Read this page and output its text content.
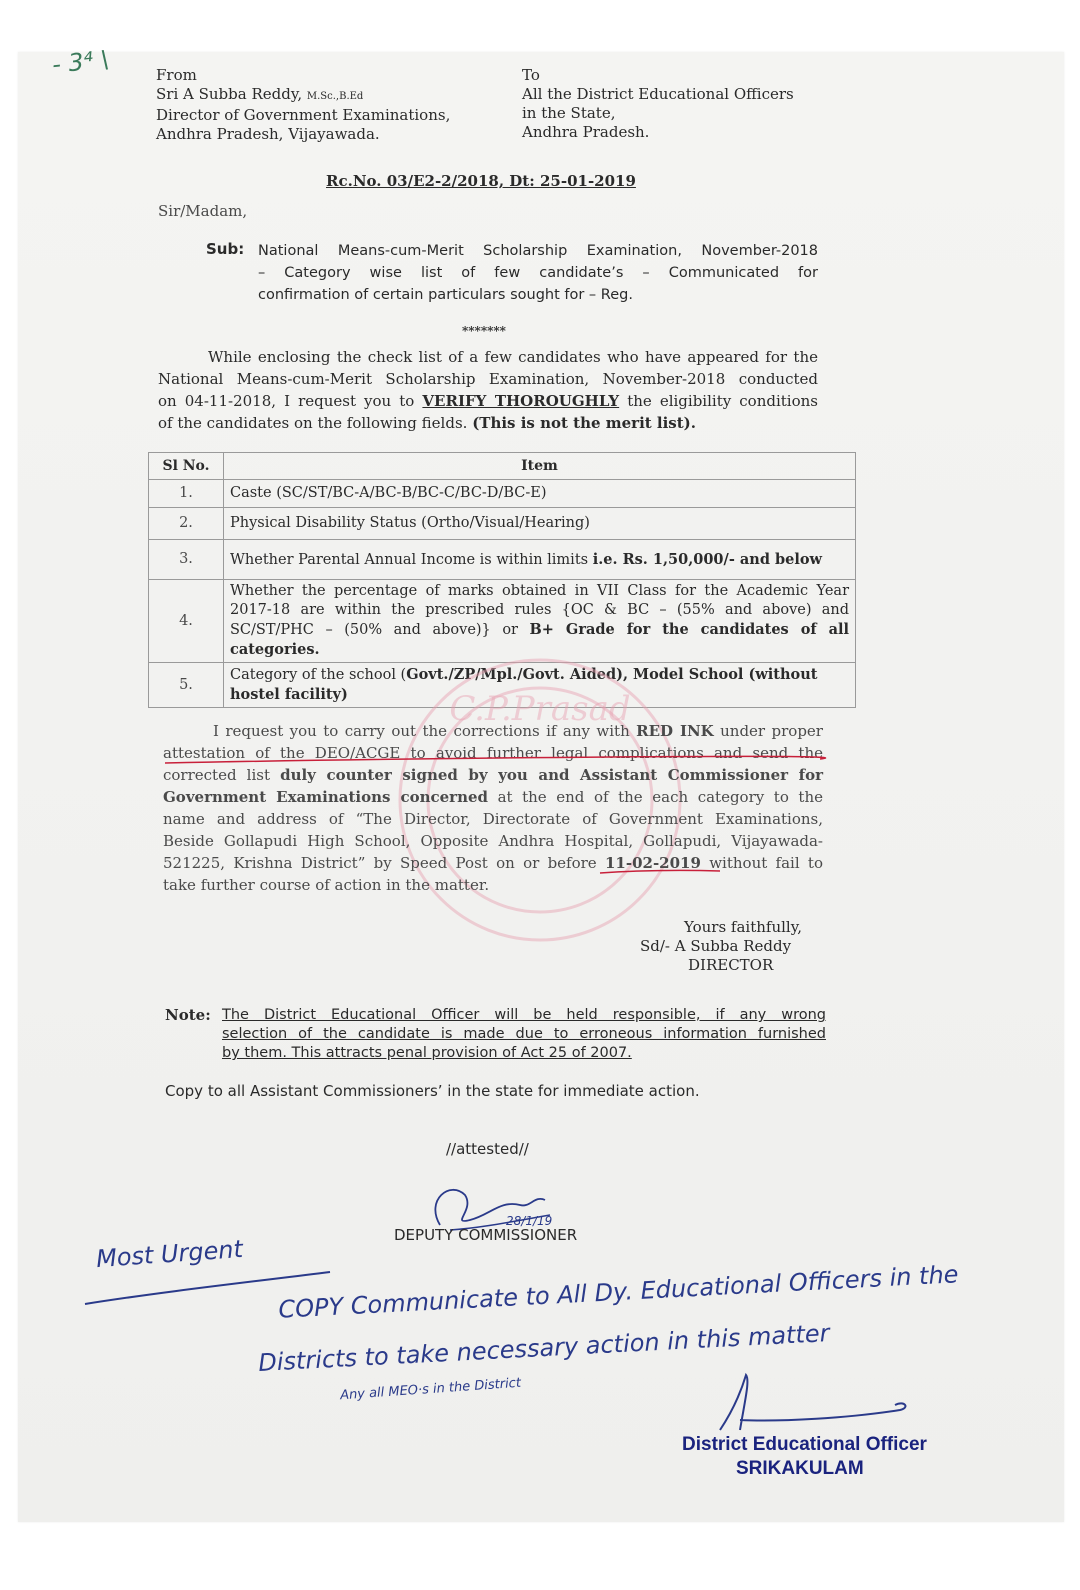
- 3⁴ \	From
Sri A Subba Reddy, M.Sc.,B.Ed
Director of Government Examinations,
Andhra Pradesh, Vijayawada.
To
All the District Educational Officers
in the State,
Andhra Pradesh.
Rc.No. 03/E2-2/2018, Dt: 25-01-2019
Sir/Madam,
Sub: National Means-cum-Merit Scholarship Examination, November-2018
– Category wise list of few candidate’s – Communicated for
confirmation of certain particulars sought for – Reg.
*******
While enclosing the check list of a few candidates who have appeared for the
National Means-cum-Merit Scholarship Examination, November-2018 conducted
on 04-11-2018, I request you to VERIFY THOROUGHLY the eligibility conditions
of the candidates on the following fields. (This is not the merit list).
Sl No.	Item
1.	Caste (SC/ST/BC-A/BC-B/BC-C/BC-D/BC-E)
2.	Physical Disability Status (Ortho/Visual/Hearing)
3.	Whether Parental Annual Income is within limits i.e. Rs. 1,50,000/- and below
4.	Whether the percentage of marks obtained in VII Class for the Academic Year 2017-18 are within the prescribed rules {OC & BC – (55% and above) and SC/ST/PHC – (50% and above)} or B+ Grade for the candidates of all categories.
5.	Category of the school (Govt./ZP/Mpl./Govt. Aided), Model School (without hostel facility)	C.P.Prasad
I request you to carry out the corrections if any with RED INK under proper
attestation of the DEO/ACGE to avoid further legal complications and send the
corrected list duly counter signed by you and Assistant Commissioner for
Government Examinations concerned at the end of the each category to the
name and address of “The Director, Directorate of Government Examinations,
Beside Gollapudi High School, Opposite Andhra Hospital, Gollapudi, Vijayawada-
521225, Krishna District” by Speed Post on or before 11-02-2019 without fail to
take further course of action in the matter.
Yours faithfully,
Sd/- A Subba Reddy
DIRECTOR
Note: The District Educational Officer will be held responsible, if any wrong
selection of the candidate is made due to erroneous information furnished
by them. This attracts penal provision of Act 25 of 2007.
Copy to all Assistant Commissioners’ in the state for immediate action.
//attested//
28/1/19
DEPUTY COMMISSIONER
Most Urgent
COPY Communicate to All Dy. Educational Officers in the
Districts to take necessary action in this matter
Any all MEO·s in the District
District Educational Officer
SRIKAKULAM
